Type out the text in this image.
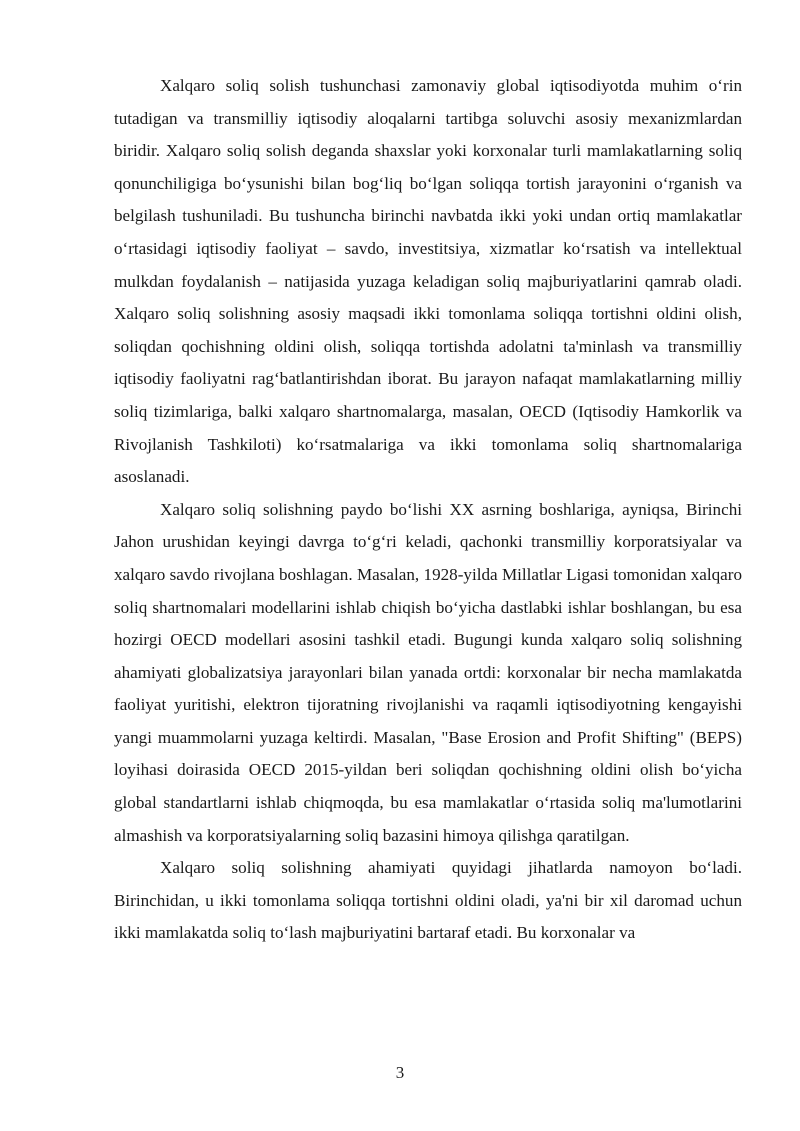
Xalqaro soliq solish tushunchasi zamonaviy global iqtisodiyotda muhim o‘rin tutadigan va transmilliy iqtisodiy aloqalarni tartibga soluvchi asosiy mexanizmlardan biridir. Xalqaro soliq solish deganda shaxslar yoki korxonalar turli mamlakatlarning soliq qonunchiligiga bo‘ysunishi bilan bog‘liq bo‘lgan soliqqa tortish jarayonini o‘rganish va belgilash tushuniladi. Bu tushuncha birinchi navbatda ikki yoki undan ortiq mamlakatlar o‘rtasidagi iqtisodiy faoliyat – savdo, investitsiya, xizmatlar ko‘rsatish va intellektual mulkdan foydalanish – natijasida yuzaga keladigan soliq majburiyatlarini qamrab oladi. Xalqaro soliq solishning asosiy maqsadi ikki tomonlama soliqqa tortishni oldini olish, soliqdan qochishning oldini olish, soliqqa tortishda adolatni ta'minlash va transmilliy iqtisodiy faoliyatni rag‘batlantirishdan iborat. Bu jarayon nafaqat mamlakatlarning milliy soliq tizimlariga, balki xalqaro shartnomalarga, masalan, OECD (Iqtisodiy Hamkorlik va Rivojlanish Tashkiloti) ko‘rsatmalariga va ikki tomonlama soliq shartnomalariga asoslanadi.

Xalqaro soliq solishning paydo bo‘lishi XX asrning boshlariga, ayniqsa, Birinchi Jahon urushidan keyingi davrga to‘g‘ri keladi, qachonki transmilliy korporatsiyalar va xalqaro savdo rivojlana boshlagan. Masalan, 1928-yilda Millatlar Ligasi tomonidan xalqaro soliq shartnomalari modellarini ishlab chiqish bo‘yicha dastlabki ishlar boshlangan, bu esa hozirgi OECD modellari asosini tashkil etadi. Bugungi kunda xalqaro soliq solishning ahamiyati globalizatsiya jarayonlari bilan yanada ortdi: korxonalar bir necha mamlakatda faoliyat yuritishi, elektron tijoratning rivojlanishi va raqamli iqtisodiyotning kengayishi yangi muammolarni yuzaga keltirdi. Masalan, "Base Erosion and Profit Shifting" (BEPS) loyihasi doirasida OECD 2015-yildan beri soliqdan qochishning oldini olish bo‘yicha global standartlarni ishlab chiqmoqda, bu esa mamlakatlar o‘rtasida soliq ma'lumotlarini almashish va korporatsiyalarning soliq bazasini himoya qilishga qaratilgan.

Xalqaro soliq solishning ahamiyati quyidagi jihatlarda namoyon bo‘ladi. Birinchidan, u ikki tomonlama soliqqa tortishni oldini oladi, ya'ni bir xil daromad uchun ikki mamlakatda soliq to‘lash majburiyatini bartaraf etadi. Bu korxonalar va

3
